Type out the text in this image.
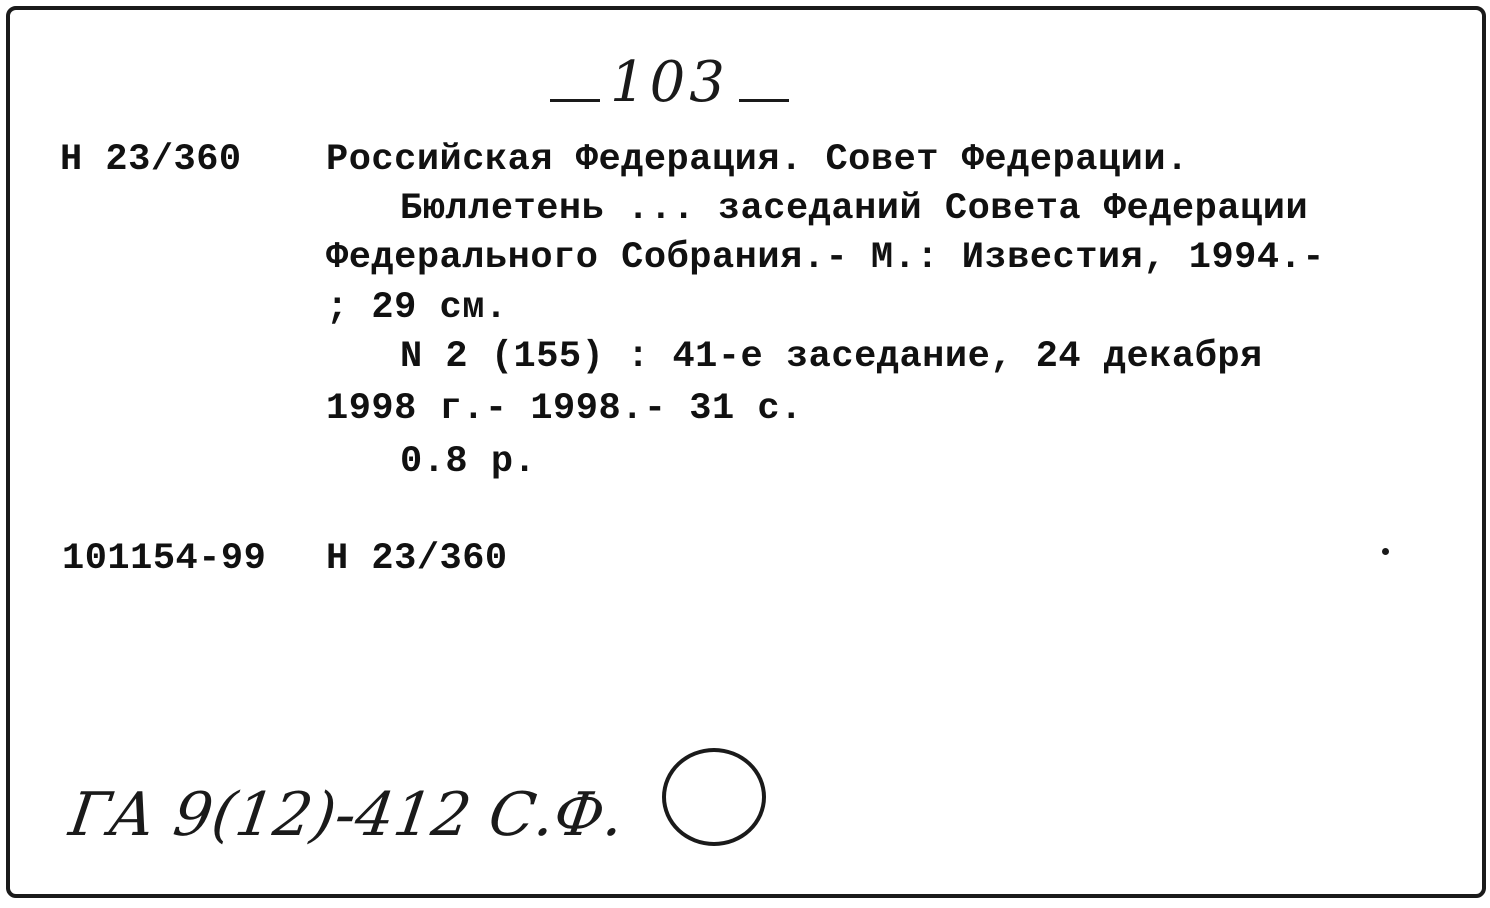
103
Н 23/360 Российская Федерация. Совет Федерации.
Бюллетень ... заседаний Совета Федерации
Федерального Собрания.- М.: Известия, 1994.-
; 29 см.
N 2 (155) : 41-е заседание, 24 декабря
1998 г.- 1998.- 31 с.
0.8 р.
101154-99 Н 23/360
ГА 9(12)-412 С.Ф.
